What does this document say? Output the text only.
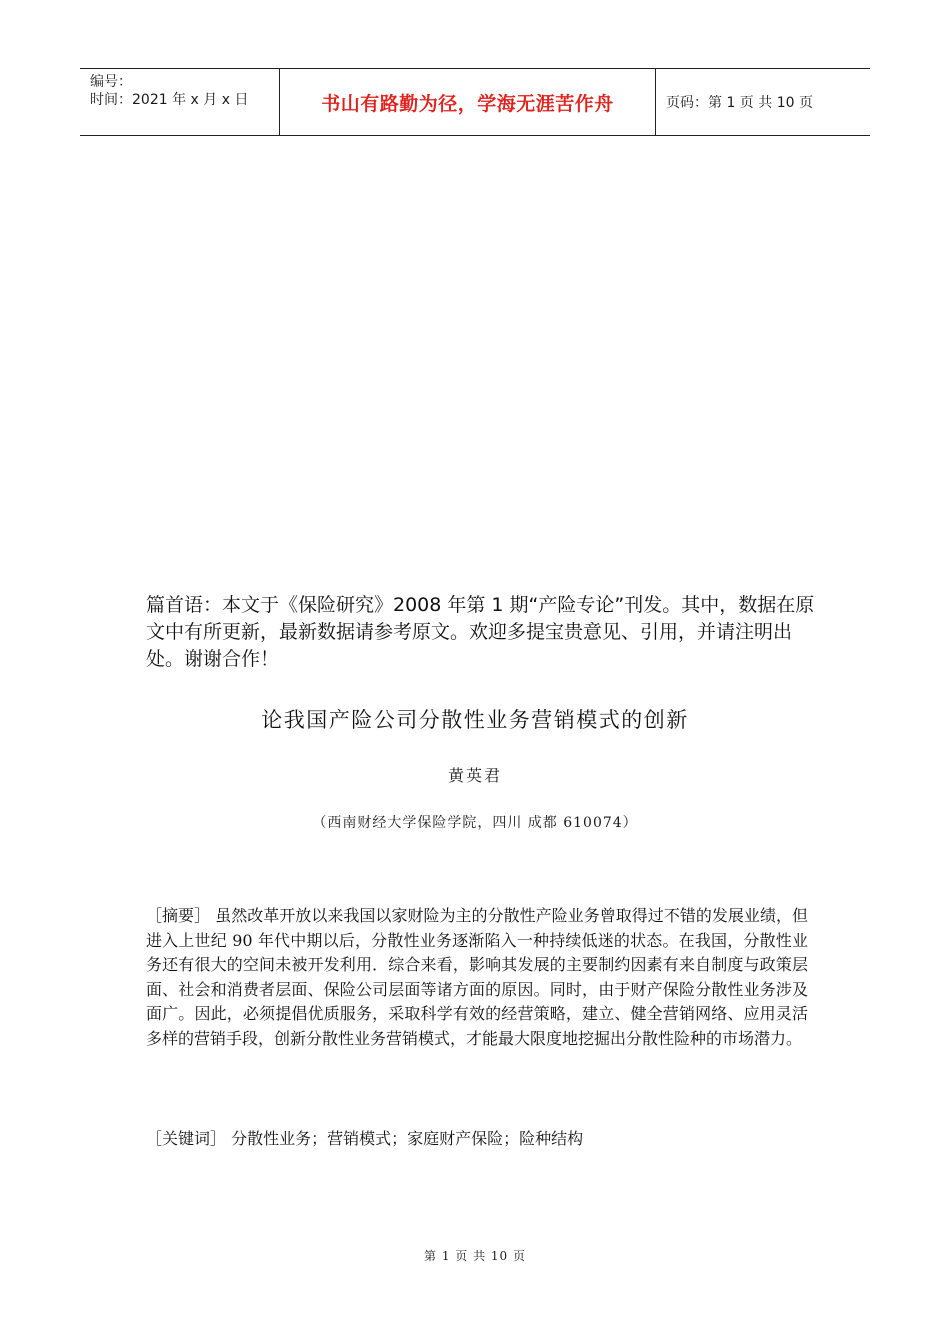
编号：
时间：2021 年 x 月 x 日	书山有路勤为径，学海无涯苦作舟	页码：第 1 页 共 10 页
篇首语：本文于《保险研究》2008 年第 1 期“产险专论”刊发。其中，数据在原文中有所更新，最新数据请参考原文。欢迎多提宝贵意见、引用，并请注明出处。谢谢合作！
论我国产险公司分散性业务营销模式的创新
黄英君
（西南财经大学保险学院，四川 成都 610074）
［摘要］ 虽然改革开放以来我国以家财险为主的分散性产险业务曾取得过不错的发展业绩，但进入上世纪 90 年代中期以后，分散性业务逐渐陷入一种持续低迷的状态。在我国，分散性业务还有很大的空间未被开发利用．综合来看，影响其发展的主要制约因素有来自制度与政策层面、社会和消费者层面、保险公司层面等诸方面的原因。同时，由于财产保险分散性业务涉及面广。因此，必须提倡优质服务，采取科学有效的经营策略，建立、健全营销网络、应用灵活多样的营销手段，创新分散性业务营销模式，才能最大限度地挖掘出分散性险种的市场潜力。
［关键词］ 分散性业务；营销模式；家庭财产保险；险种结构
第 1 页 共 10 页
